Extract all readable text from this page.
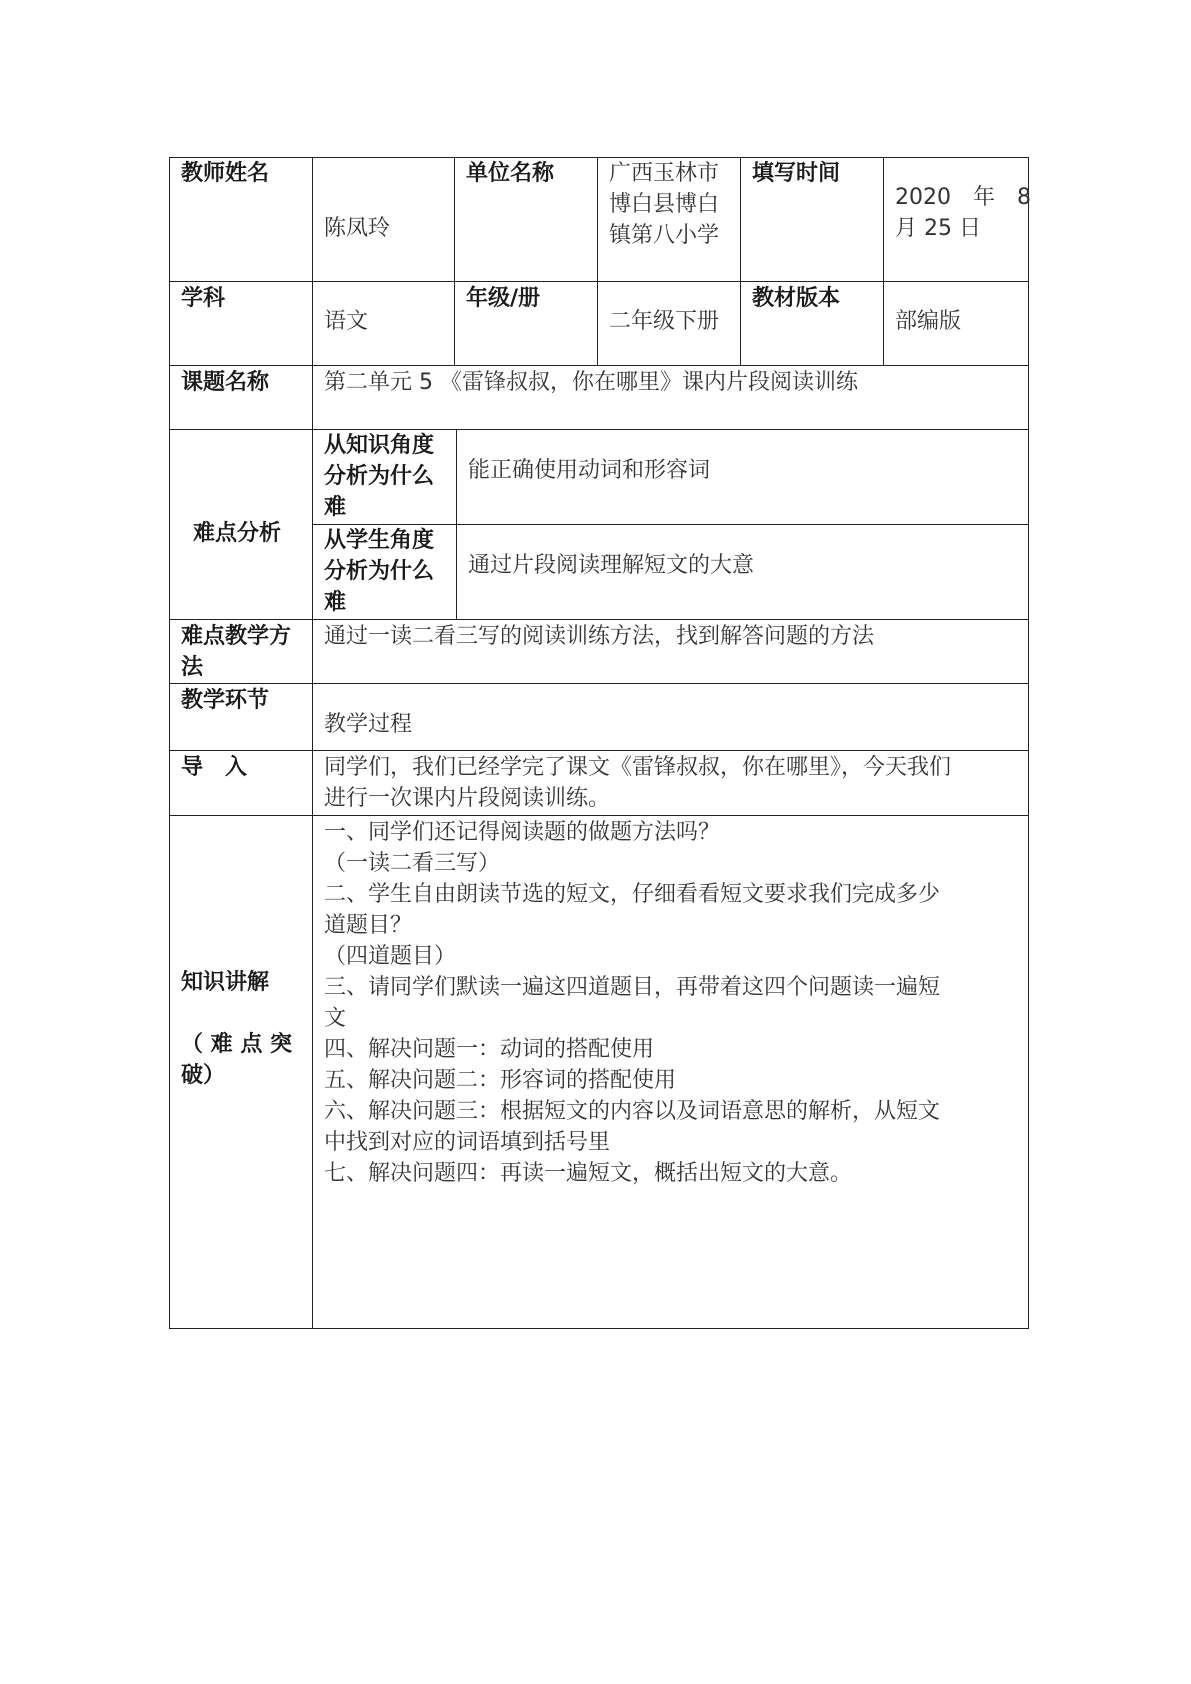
教师姓名
陈凤玲
单位名称 广西玉林市
博白县博白
镇第八小学
填写时间
2020　年　8
月 25 日
学科
语文
年级/册
二年级下册
教材版本
部编版
课题名称 第二单元 5 《雷锋叔叔，你在哪里》课内片段阅读训练
难点分析
从知识角度
分析为什么
难
能正确使用动词和形容词
从学生角度
分析为什么
难
通过片段阅读理解短文的大意
难点教学方
法
通过一读二看三写的阅读训练方法，找到解答问题的方法
教学环节
教学过程
导　入	同学们，我们已经学完了课文《雷锋叔叔，你在哪里》，今天我们
进行一次课内片段阅读训练。
知识讲解
（ 难 点 突
破）
一、同学们还记得阅读题的做题方法吗？
（一读二看三写）
二、学生自由朗读节选的短文，仔细看看短文要求我们完成多少
道题目？
（四道题目）
三、请同学们默读一遍这四道题目，再带着这四个问题读一遍短
文
四、解决问题一：动词的搭配使用
五、解决问题二：形容词的搭配使用
六、解决问题三：根据短文的内容以及词语意思的解析，从短文
中找到对应的词语填到括号里
七、解决问题四：再读一遍短文，概括出短文的大意。
